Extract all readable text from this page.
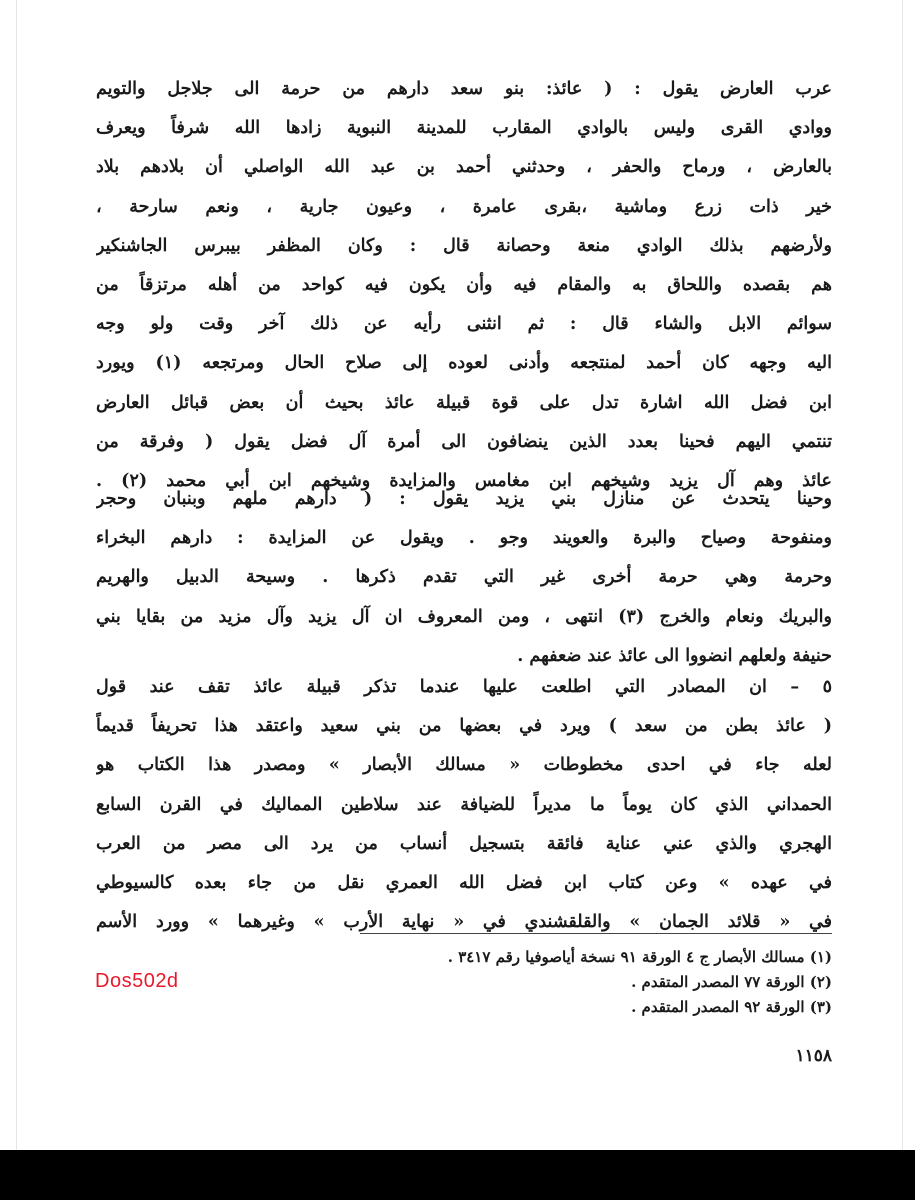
عرب العارض يقول : ( عائذ: بنو سعد دارهم من حرمة الى جلاجل والتويم
ووادي القرى وليس بالوادي المقارب للمدينة النبوية زادها الله شرفاً ويعرف
بالعارض ، ورماح والحفر ، وحدثني أحمد بن عبد الله الواصلي أن بلادهم بلاد
خير ذات زرع وماشية ،بقرى عامرة ، وعيون جارية ، ونعم سارحة ،
ولأرضهم بذلك الوادي منعة وحصانة قال : وكان المظفر بيبرس الجاشنكير
هم بقصده واللحاق به والمقام فيه وأن يكون فيه كواحد من أهله مرتزقاً من
سوائم الابل والشاء قال : ثم انثنى رأيه عن ذلك آخر وقت ولو وجه
اليه وجهه كان أحمد لمنتجعه وأدنى لعوده إلى صلاح الحال ومرتجعه (١) ويورد
ابن فضل الله اشارة تدل على قوة قبيلة عائذ بحيث أن بعض قبائل العارض
تنتمي اليهم فحينا بعدد الذين ينضافون الى أمرة آل فضل يقول ( وفرقة من
عائذ وهم آل يزيد وشيخهم ابن مغامس والمزايدة وشيخهم ابن أبي محمد (٢) .
وحينا يتحدث عن منازل بني يزيد يقول : ( دارهم ملهم وبنبان وحجر
ومنفوحة وصياح والبرة والعويند وجو . ويقول عن المزايدة : دارهم البخراء
وحرمة وهي حرمة أخرى غير التي تقدم ذكرها . وسيحة الدبيل والهريم
والبريك ونعام والخرج (٣) انتهى ، ومن المعروف ان آل يزيد وآل مزيد من بقايا بني
حنيفة ولعلهم انضووا الى عائذ عند ضعفهم .
٥ – ان المصادر التي اطلعت عليها عندما تذكر قبيلة عائذ تقف عند قول
( عائذ بطن من سعد ) ويرد في بعضها من بني سعيد واعتقد هذا تحريفاً قديماً
لعله جاء في احدى مخطوطات « مسالك الأبصار » ومصدر هذا الكتاب هو
الحمداني الذي كان يوماً ما مديراً للضيافة عند سلاطين المماليك في القرن السابع
الهجري والذي عني عناية فائقة بتسجيل أنساب من يرد الى مصر من العرب
في عهده » وعن كتاب ابن فضل الله العمري نقل من جاء بعده كالسيوطي
في « قلائد الجمان » والقلقشندي في « نهاية الأرب » وغيرهما » وورد الأسم
(١) مسالك الأبصار ج ٤ الورقة ٩١ نسخة أياصوفيا رقم ٣٤١٧ .
(٢) الورقة ٧٧ المصدر المتقدم .
(٣) الورقة ٩٢ المصدر المتقدم .
Dos502d
١١٥٨
